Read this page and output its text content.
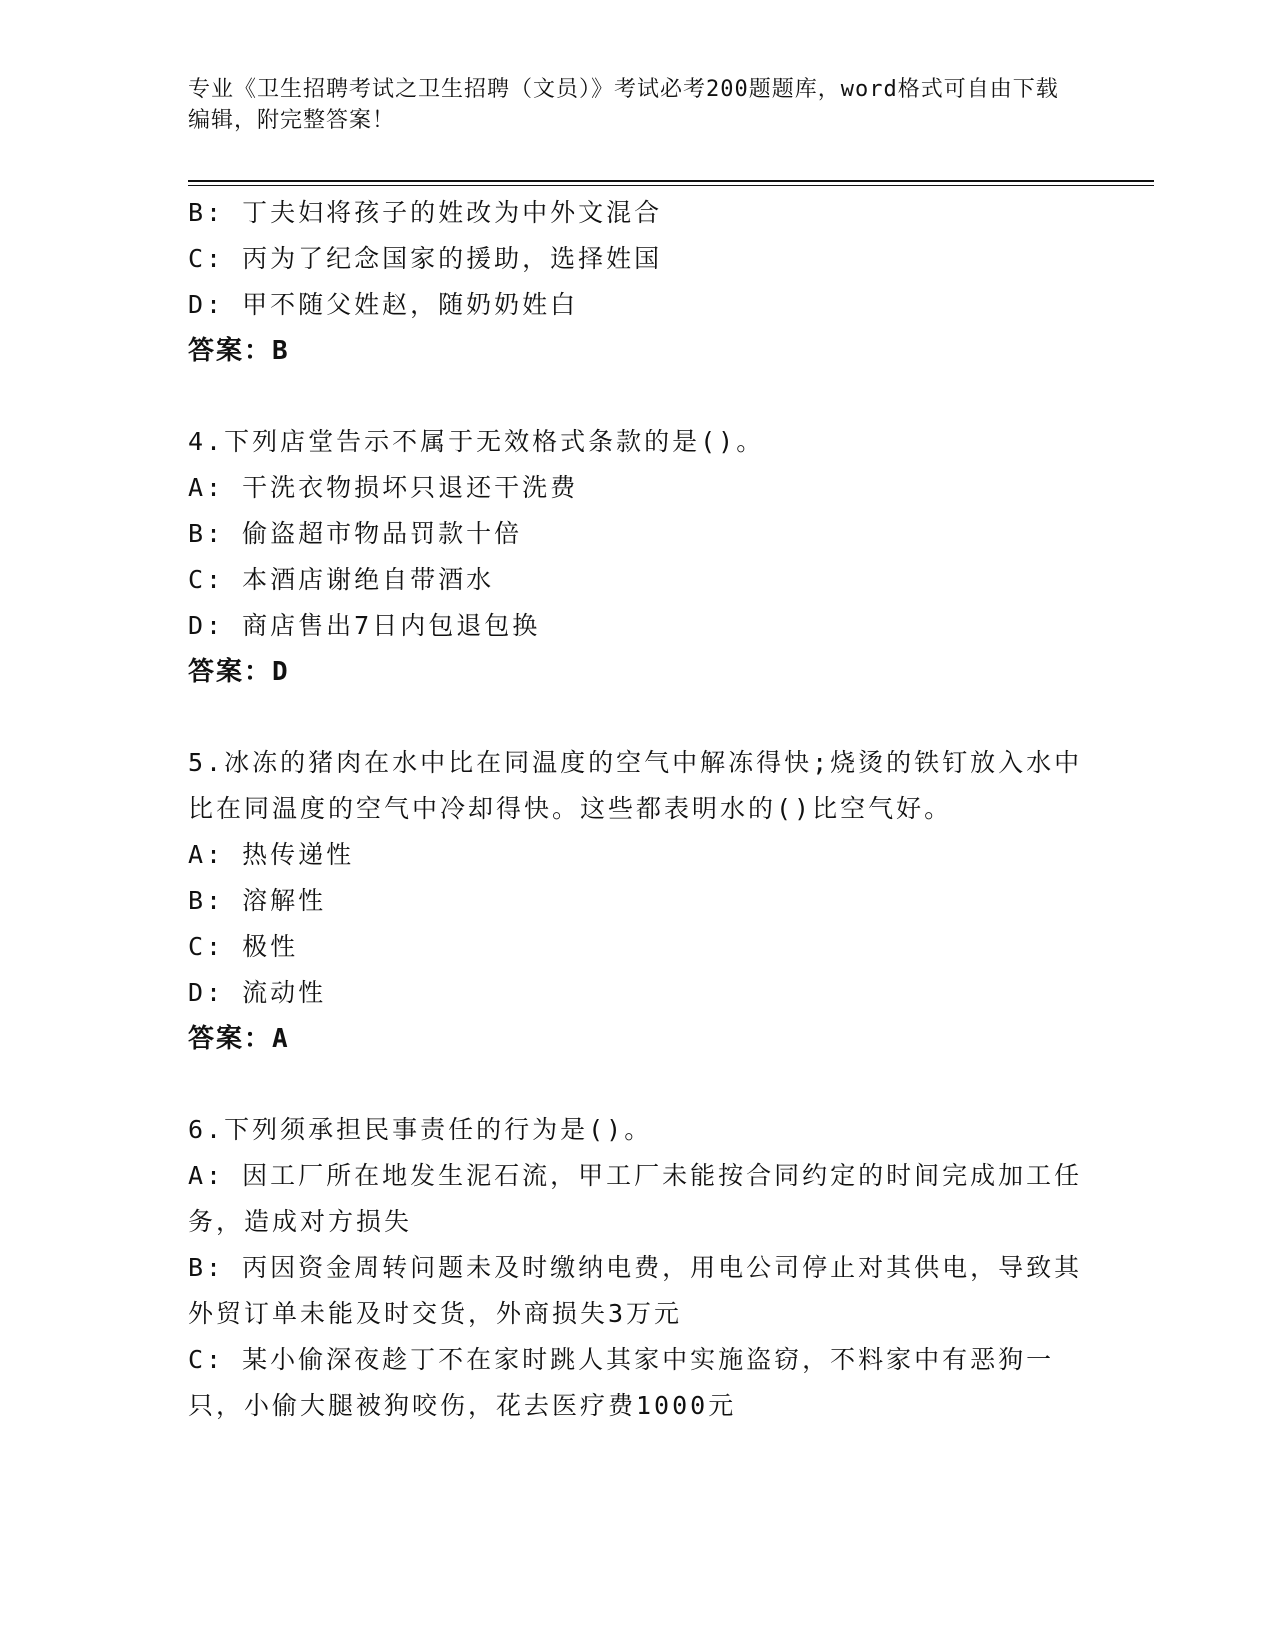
专业《卫生招聘考试之卫生招聘（文员）》考试必考200题题库，word格式可自由下载编辑，附完整答案！
B: 丁夫妇将孩子的姓改为中外文混合
C: 丙为了纪念国家的援助，选择姓国
D: 甲不随父姓赵，随奶奶姓白
答案：B
4.下列店堂告示不属于无效格式条款的是()。
A: 干洗衣物损坏只退还干洗费
B: 偷盗超市物品罚款十倍
C: 本酒店谢绝自带酒水
D: 商店售出7日内包退包换
答案：D
5.冰冻的猪肉在水中比在同温度的空气中解冻得快;烧烫的铁钉放入水中比在同温度的空气中冷却得快。这些都表明水的()比空气好。
A: 热传递性
B: 溶解性
C: 极性
D: 流动性
答案：A
6.下列须承担民事责任的行为是()。
A: 因工厂所在地发生泥石流，甲工厂未能按合同约定的时间完成加工任务，造成对方损失
B: 丙因资金周转问题未及时缴纳电费，用电公司停止对其供电，导致其外贸订单未能及时交货，外商损失3万元
C: 某小偷深夜趁丁不在家时跳人其家中实施盗窃，不料家中有恶狗一只，小偷大腿被狗咬伤，花去医疗费1000元
